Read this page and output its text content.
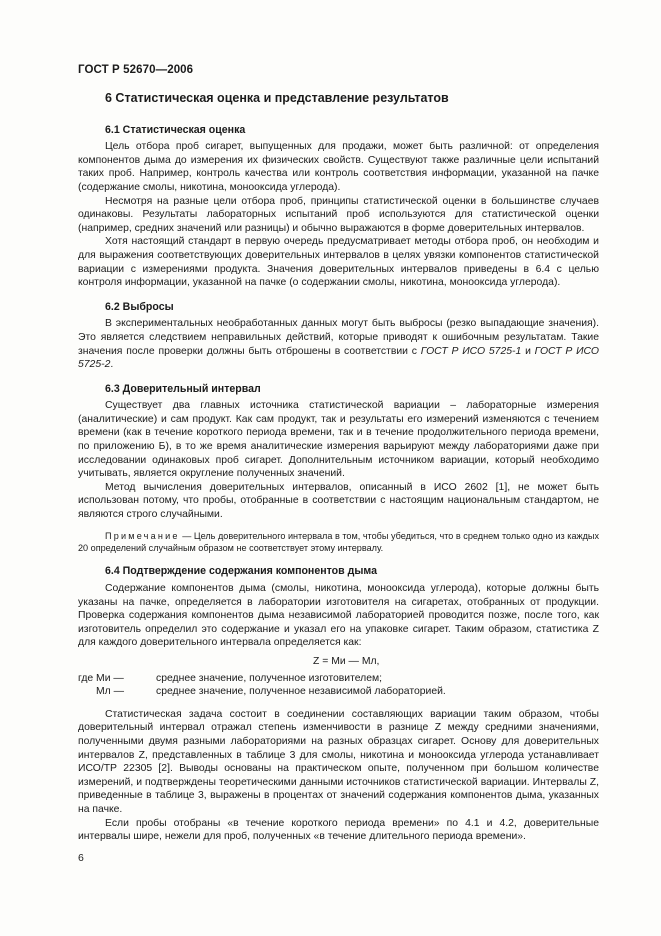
ГОСТ Р 52670—2006
6 Статистическая оценка и представление результатов
6.1 Статистическая оценка

Цель отбора проб сигарет, выпущенных для продажи, может быть различной: от определения компонентов дыма до измерения их физических свойств. Существуют также различные цели испытаний таких проб. Например, контроль качества или контроль соответствия информации, указанной на пачке (содержание смолы, никотина, монооксида углерода).

Несмотря на разные цели отбора проб, принципы статистической оценки в большинстве случаев одинаковы. Результаты лабораторных испытаний проб используются для статистической оценки (например, средних значений или разницы) и обычно выражаются в форме доверительных интервалов.

Хотя настоящий стандарт в первую очередь предусматривает методы отбора проб, он необходим и для выражения соответствующих доверительных интервалов в целях увязки компонентов статистической вариации с измерениями продукта. Значения доверительных интервалов приведены в 6.4 с целью контроля информации, указанной на пачке (о содержании смолы, никотина, монооксида углерода).

6.2 Выбросы

В экспериментальных необработанных данных могут быть выбросы (резко выпадающие значения). Это является следствием неправильных действий, которые приводят к ошибочным результатам. Такие значения после проверки должны быть отброшены в соответствии с ГОСТ Р ИСО 5725-1 и ГОСТ Р ИСО 5725-2.

6.3 Доверительный интервал

Существует два главных источника статистической вариации – лабораторные измерения (аналитические) и сам продукт. Как сам продукт, так и результаты его измерений изменяются с течением времени (как в течение короткого периода времени, так и в течение продолжительного периода времени, по приложению Б), в то же время аналитические измерения варьируют между лабораториями даже при исследовании одинаковых проб сигарет. Дополнительным источником вариации, который необходимо учитывать, является округление полученных значений.

Метод вычисления доверительных интервалов, описанный в ИСО 2602 [1], не может быть использован потому, что пробы, отобранные в соответствии с настоящим национальным стандартом, не являются строго случайными.

Примечание — Цель доверительного интервала в том, чтобы убедиться, что в среднем только одно из каждых 20 определений случайным образом не соответствует этому интервалу.

6.4 Подтверждение содержания компонентов дыма

Содержание компонентов дыма (смолы, никотина, монооксида углерода), которые должны быть указаны на пачке, определяется в лаборатории изготовителя на сигаретах, отобранных от продукции. Проверка содержания компонентов дыма независимой лабораторией проводится позже, после того, как изготовитель определил это содержание и указал его на упаковке сигарет. Таким образом, статистика Z для каждого доверительного интервала определяется как:

Z = Mи — Mл,
где Mи —	среднее значение, полученное изготовителем;
Mл —	среднее значение, полученное независимой лабораторией.

Статистическая задача состоит в соединении составляющих вариации таким образом, чтобы доверительный интервал отражал степень изменчивости в разнице Z между средними значениями, полученными двумя разными лабораториями на разных образцах сигарет. Основу для доверительных интервалов Z, представленных в таблице 3 для смолы, никотина и монооксида углерода устанавливает ИСО/ТР 22305 [2]. Выводы основаны на практическом опыте, полученном при большом количестве измерений, и подтверждены теоретическими данными источников статистической вариации. Интервалы Z, приведенные в таблице 3, выражены в процентах от значений содержания компонентов дыма, указанных на пачке.

Если пробы отобраны «в течение короткого периода времени» по 4.1 и 4.2, доверительные интервалы шире, нежели для проб, полученных «в течение длительного периода времени».

6
